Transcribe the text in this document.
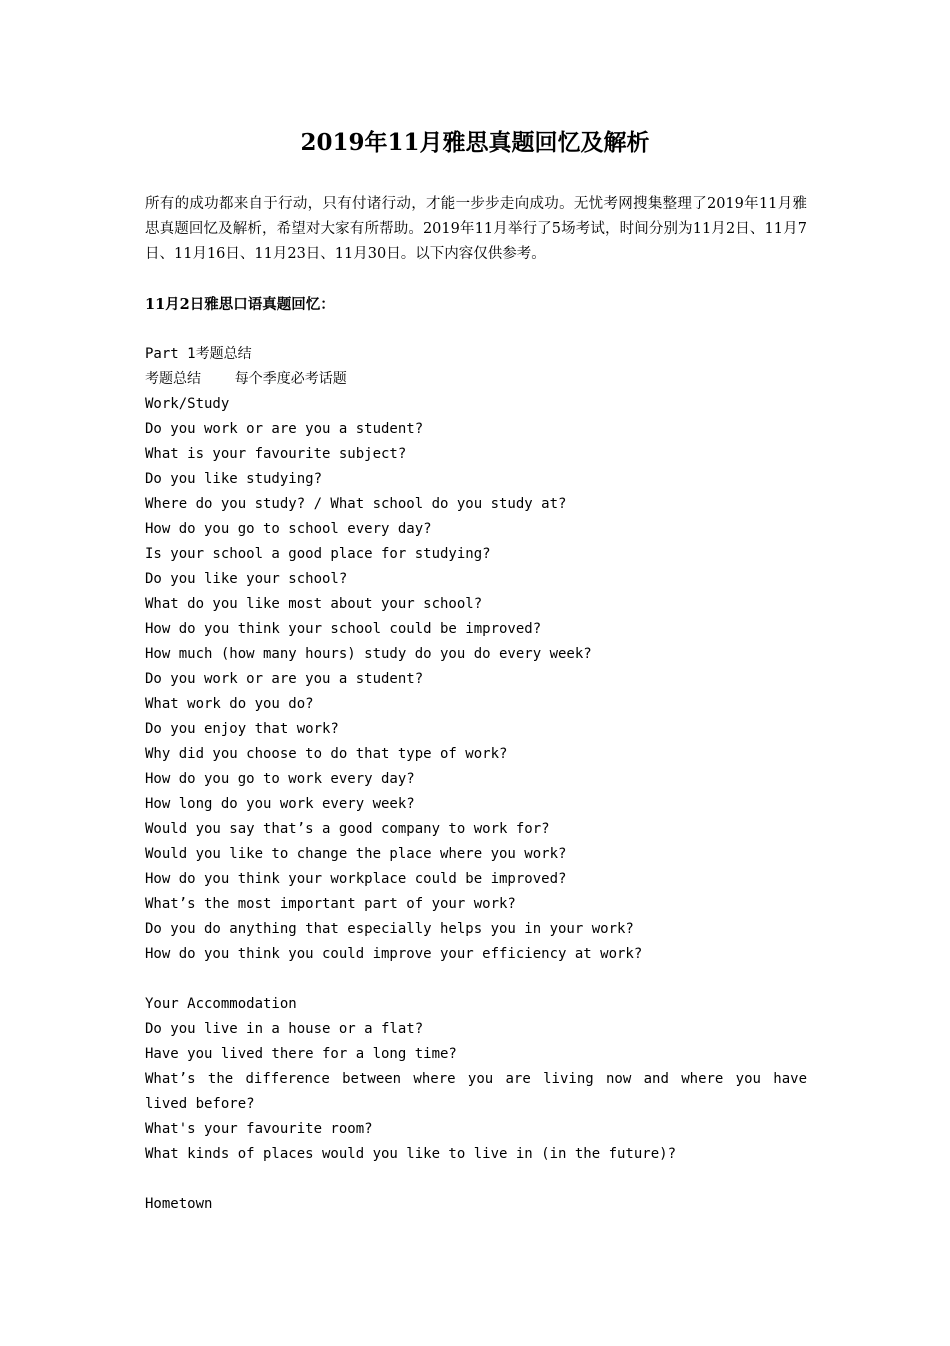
2019年11月雅思真题回忆及解析

所有的成功都来自于行动，只有付诸行动，才能一步步走向成功。无忧考网搜集整理了2019年11月雅思真题回忆及解析，希望对大家有所帮助。2019年11月举行了5场考试，时间分别为11月2日、11月7日、11月16日、11月23日、11月30日。以下内容仅供参考。

11月2日雅思口语真题回忆：

Part 1考题总结
考题总结    每个季度必考话题
Work/Study
Do you work or are you a student?
What is your favourite subject?
Do you like studying?
Where do you study? / What school do you study at?
How do you go to school every day?
Is your school a good place for studying?
Do you like your school?
What do you like most about your school?
How do you think your school could be improved?
How much (how many hours) study do you do every week?
Do you work or are you a student?
What work do you do?
Do you enjoy that work?
Why did you choose to do that type of work?
How do you go to work every day?
How long do you work every week?
Would you say that’s a good company to work for?
Would you like to change the place where you work?
How do you think your workplace could be improved?
What’s the most important part of your work?
Do you do anything that especially helps you in your work?
How do you think you could improve your efficiency at work?
Your Accommodation
Do you live in a house or a flat?
Have you lived there for a long time?
What’s the difference between where you are living now and where you have lived before?
What's your favourite room?
What kinds of places would you like to live in (in the future)?
Hometown
